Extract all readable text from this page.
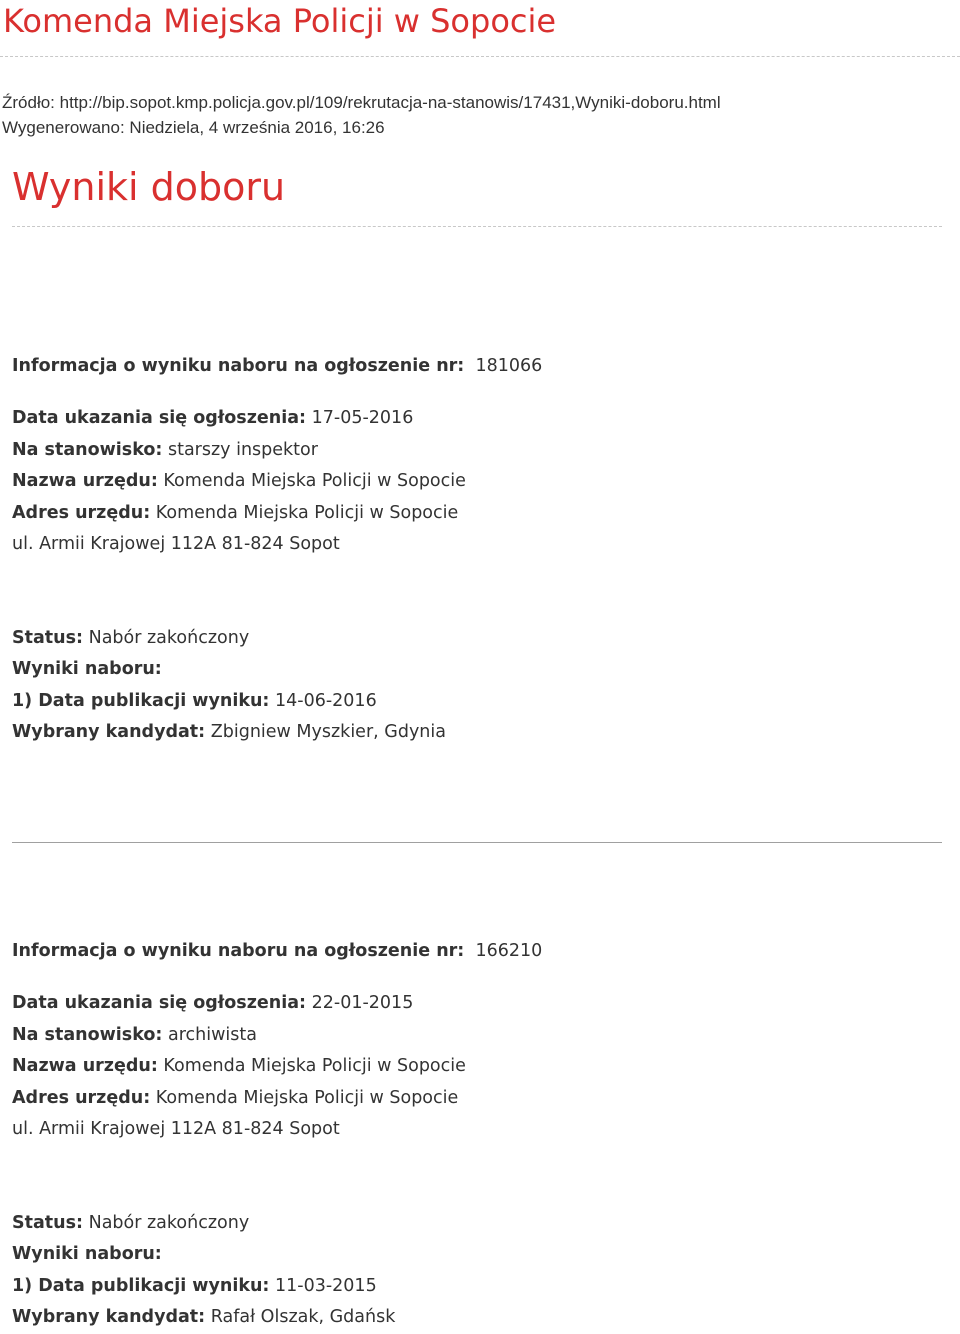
Komenda Miejska Policji w Sopocie
Źródło: http://bip.sopot.kmp.policja.gov.pl/109/rekrutacja-na-stanowis/17431,Wyniki-doboru.html
Wygenerowano: Niedziela, 4 września 2016, 16:26
Wyniki doboru
Informacja o wyniku naboru na ogłoszenie nr: 181066
Data ukazania się ogłoszenia: 17-05-2016
Na stanowisko: starszy inspektor
Nazwa urzędu: Komenda Miejska Policji w Sopocie
Adres urzędu: Komenda Miejska Policji w Sopocie
ul. Armii Krajowej 112A 81-824 Sopot
Status: Nabór zakończony
Wyniki naboru:
1) Data publikacji wyniku: 14-06-2016
Wybrany kandydat: Zbigniew Myszkier, Gdynia
Informacja o wyniku naboru na ogłoszenie nr: 166210
Data ukazania się ogłoszenia: 22-01-2015
Na stanowisko: archiwista
Nazwa urzędu: Komenda Miejska Policji w Sopocie
Adres urzędu: Komenda Miejska Policji w Sopocie
ul. Armii Krajowej 112A 81-824 Sopot
Status: Nabór zakończony
Wyniki naboru:
1) Data publikacji wyniku: 11-03-2015
Wybrany kandydat: Rafał Olszak, Gdańsk
